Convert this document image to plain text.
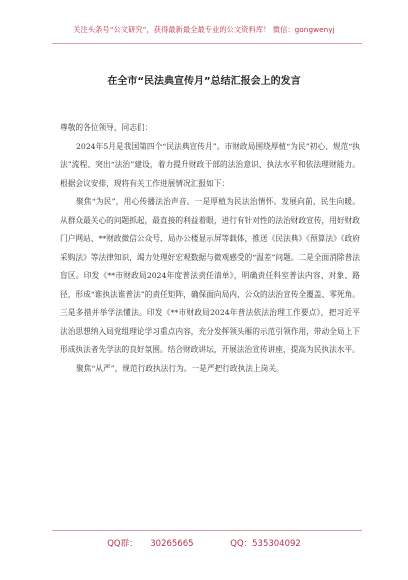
关注头条号“公文研究”，获得最新最全最专业的公文资料库！ 微信：gongwenyj
在全市“民法典宣传月”总结汇报会上的发言

尊敬的各位领导，同志们：

2024年5月是我国第四个“民法典宣传月”。市财政局围绕厚植“为民”初心、规范“执法”流程、突出“法治”建设，着力提升财政干部的法治意识、执法水平和依法理财能力。根据会议安排，现将有关工作进展情况汇报如下：

聚焦“为民”，用心传播法治声音。一是厚植为民法治情怀。发展向前，民生向暖。从群众最关心的问题抓起，最直接的利益着眼，进行有针对性的法治财政宣传，用好财政门户网站、**财政微信公众号、局办公楼显示屏等载体，推送《民法典》《预算法》《政府采购法》等法律知识，竭力处理好宏观数据与微观感受的“温差”问题。二是全面消除普法盲区。印发《**市财政局2024年度普法责任清单》，明确责任科室普法内容、对象、路径，形成“谁执法谁普法”的责任矩阵，确保面向局内、公众的法治宣传全覆盖、零死角。三是多措并举学法懂法。印发《**市财政局2024年普法依法治理工作要点》，把习近平法治思想纳入局党组理论学习重点内容，充分发挥领头雁的示范引领作用，带动全局上下形成执法者先学法的良好氛围。结合财政讲坛，开展法治宣传讲座，提高为民执法水平。

聚焦“从严”，规范行政执法行为。一是严把行政执法上岗关。

QQ群： 30265665	QQ：535304092
